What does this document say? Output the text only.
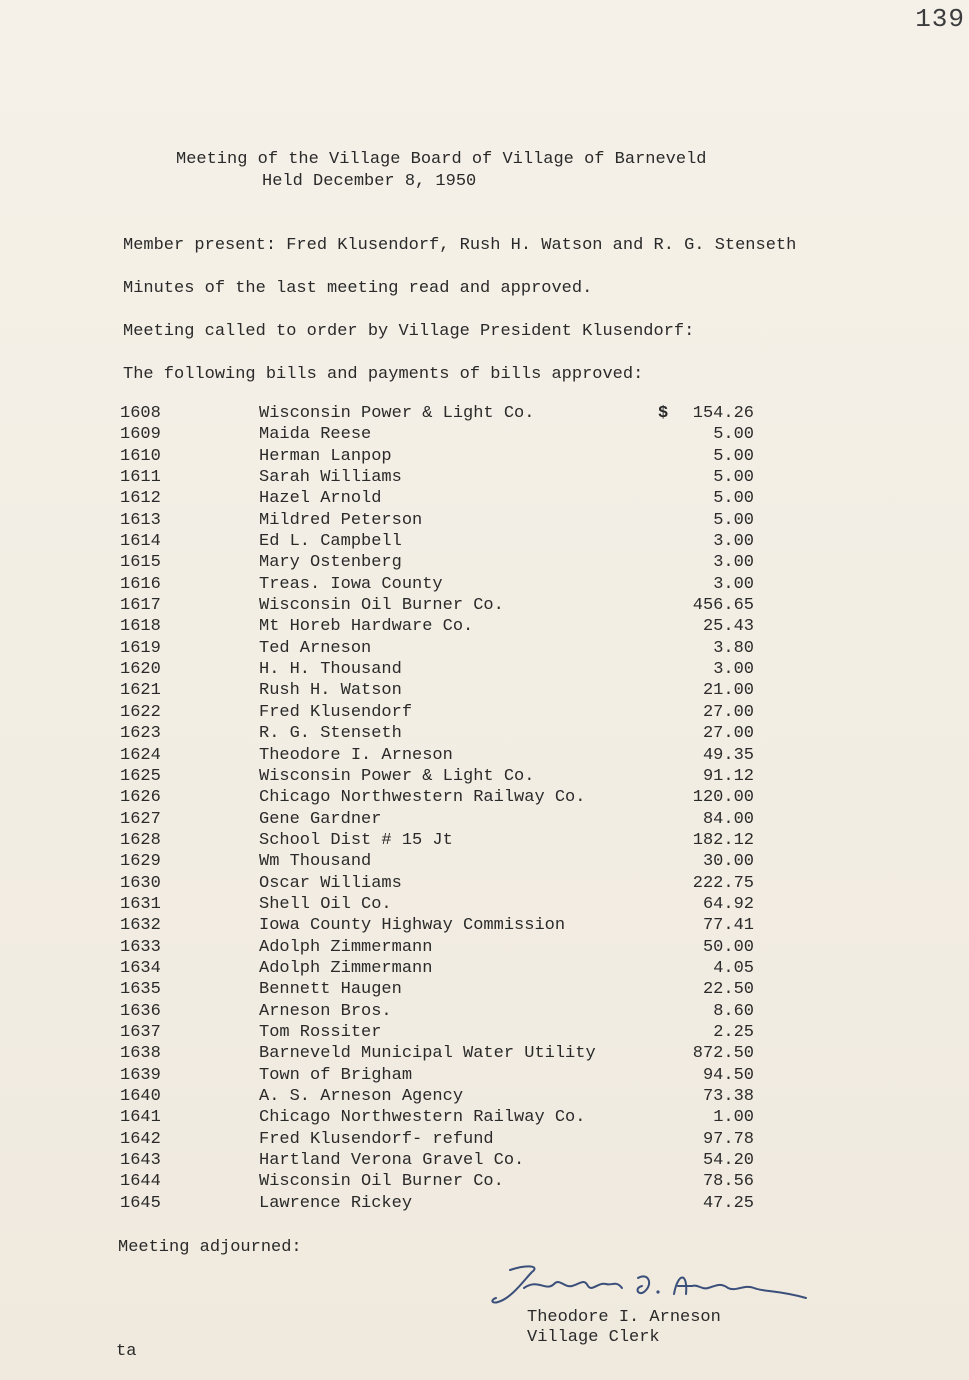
139
Meeting of the Village Board of Village of Barneveld
Held December 8, 1950
Member present: Fred Klusendorf, Rush H. Watson and R. G. Stenseth
Minutes of the last meeting read and approved.
Meeting called to order by Village President Klusendorf:
The following bills and payments of bills approved:
1608	Wisconsin Power & Light Co.	$ 154.26
1609	Maida Reese	5.00
1610	Herman Lanpop	5.00
1611	Sarah Williams	5.00
1612	Hazel Arnold	5.00
1613	Mildred Peterson	5.00
1614	Ed L. Campbell	3.00
1615	Mary Ostenberg	3.00
1616	Treas. Iowa County	3.00
1617	Wisconsin Oil Burner Co.	456.65
1618	Mt Horeb Hardware Co.	25.43
1619	Ted Arneson	3.80
1620	H. H. Thousand	3.00
1621	Rush H. Watson	21.00
1622	Fred Klusendorf	27.00
1623	R. G. Stenseth	27.00
1624	Theodore I. Arneson	49.35
1625	Wisconsin Power & Light Co.	91.12
1626	Chicago Northwestern Railway Co.	120.00
1627	Gene Gardner	84.00
1628	School Dist # 15 Jt	182.12
1629	Wm Thousand	30.00
1630	Oscar Williams	222.75
1631	Shell Oil Co.	64.92
1632	Iowa County Highway Commission	77.41
1633	Adolph Zimmermann	50.00
1634	Adolph Zimmermann	4.05
1635	Bennett Haugen	22.50
1636	Arneson Bros.	8.60
1637	Tom Rossiter	2.25
1638	Barneveld Municipal Water Utility	872.50
1639	Town of Brigham	94.50
1640	A. S. Arneson Agency	73.38
1641	Chicago Northwestern Railway Co.	1.00
1642	Fred Klusendorf- refund	97.78
1643	Hartland Verona Gravel Co.	54.20
1644	Wisconsin Oil Burner Co.	78.56
1645	Lawrence Rickey	47.25
Meeting adjourned:
Theodore I. Arneson
Village Clerk
ta
